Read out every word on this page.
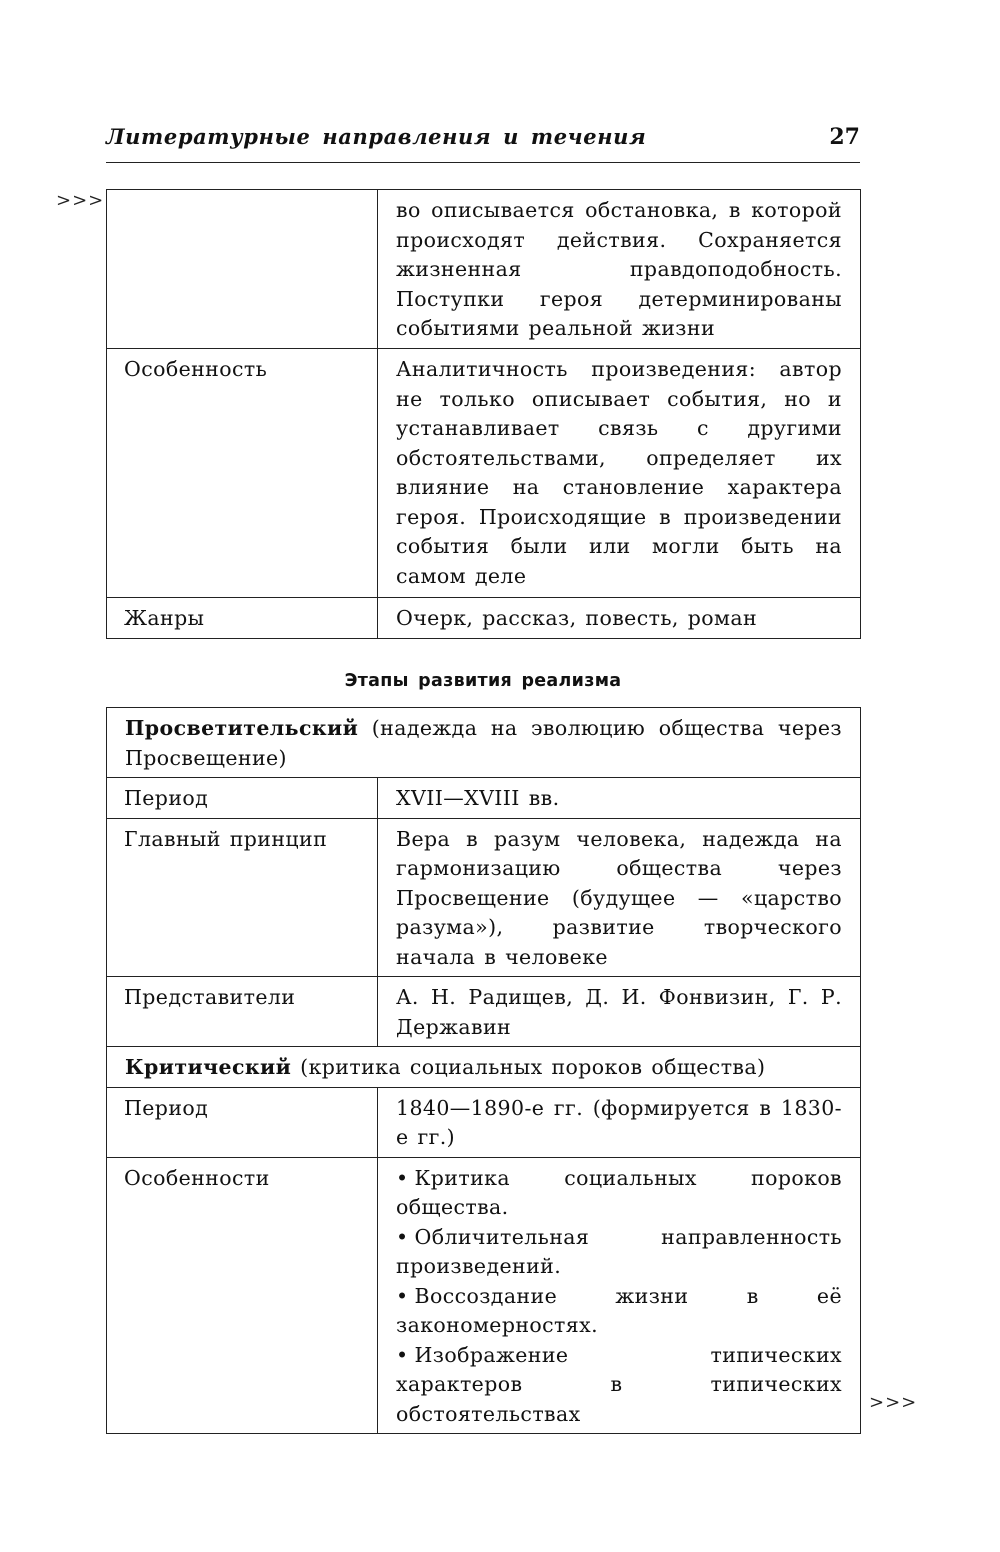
Литературные направления и течения	27
>>>
		во описывается обстановка, в которой происходят действия. Сохраняется жизненная правдоподобность. Поступки героя детерминированы событиями реальной жизни
Особенность	Аналитичность произведения: автор не только описывает события, но и устанавливает связь с другими обстоятельствами, определяет их влияние на становление характера героя. Происходящие в произведении события были или могли быть на самом деле
Жанры	Очерк, рассказ, повесть, роман
Этапы развития реализма
Просветительский (надежда на эволюцию общества через Просвещение)	
Период	XVII—XVIII вв.
Главный принцип	Вера в разум человека, надежда на гармонизацию общества через Просвещение (будущее — «царство разума»), развитие творческого начала в человеке
Представители	А. Н. Радищев, Д. И. Фонвизин, Г. Р. Державин
Критический (критика социальных пороков общества)	
Период	1840—1890-е гг. (формируется в 1830-е гг.)
Особенности	• Критика социальных пороков общества.
• Обличительная направленность произведений.
• Воссоздание жизни в её закономерностях.
• Изображение типических характеров в типических обстоятельствах	>>>
